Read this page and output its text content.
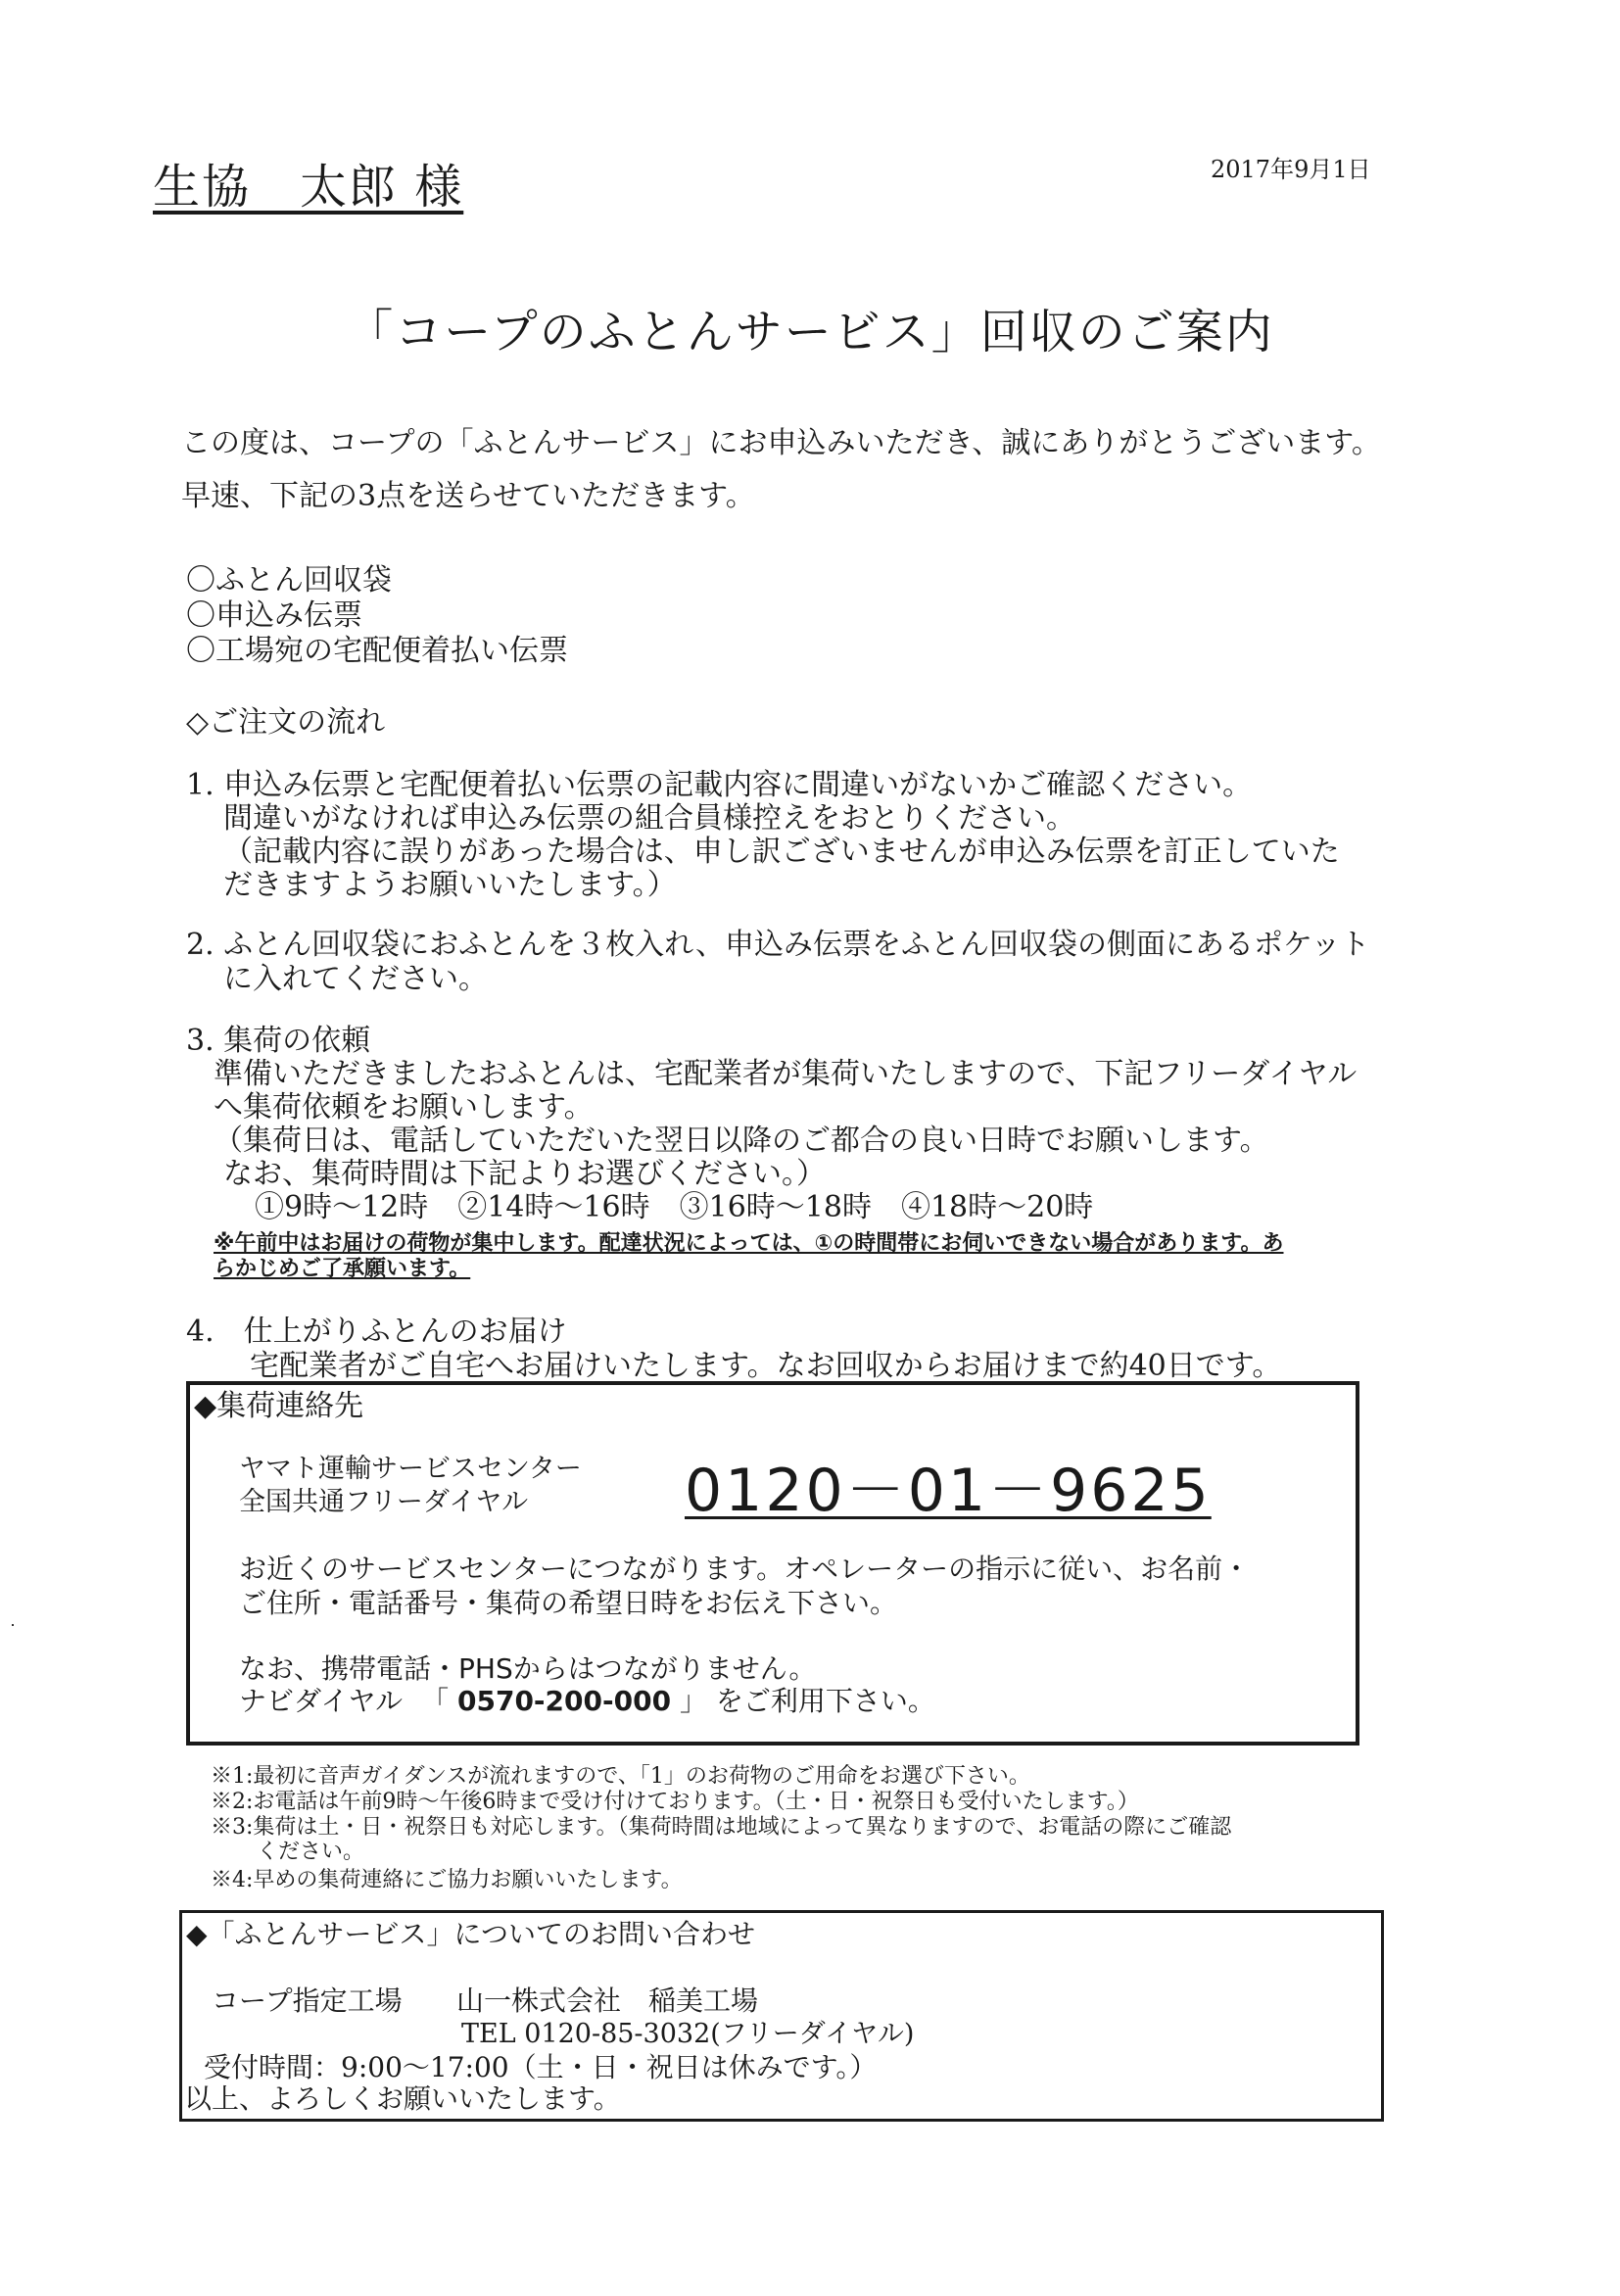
生協　太郎 様	2017年9月1日
「コープのふとんサービス」回収のご案内
この度は、コープの「ふとんサービス」にお申込みいただき、誠にありがとうございます。
早速、下記の3点を送らせていただきます。
〇ふとん回収袋
〇申込み伝票
〇工場宛の宅配便着払い伝票
◇ご注文の流れ
1. 申込み伝票と宅配便着払い伝票の記載内容に間違いがないかご確認ください。
間違いがなければ申込み伝票の組合員様控えをおとりください。
（記載内容に誤りがあった場合は、申し訳ございませんが申込み伝票を訂正していた
だきますようお願いいたします。）
2. ふとん回収袋におふとんを３枚入れ、申込み伝票をふとん回収袋の側面にあるポケット
に入れてください。
3. 集荷の依頼
準備いただきましたおふとんは、宅配業者が集荷いたしますので、下記フリーダイヤル
へ集荷依頼をお願いします。
（集荷日は、電話していただいた翌日以降のご都合の良い日時でお願いします。
なお、集荷時間は下記よりお選びください。）
①9時～12時　②14時～16時　③16時～18時　④18時～20時
※午前中はお届けの荷物が集中します。配達状況によっては、①の時間帯にお伺いできない場合があります。あ
らかじめご了承願います。
4.　仕上がりふとんのお届け
宅配業者がご自宅へお届けいたします。なお回収からお届けまで約40日です。
◆集荷連絡先
ヤマト運輸サービスセンター
全国共通フリーダイヤル	0120－01－9625
お近くのサービスセンターにつながります。オペレーターの指示に従い、お名前・
ご住所・電話番号・集荷の希望日時をお伝え下さい。
なお、携帯電話・PHSからはつながりません。
ナビダイヤル 「 0570-200-000 」 をご利用下さい。
※1:最初に音声ガイダンスが流れますので、「1」のお荷物のご用命をお選び下さい。
※2:お電話は午前9時～午後6時まで受け付けております。（土・日・祝祭日も受付いたします。）
※3:集荷は土・日・祝祭日も対応します。（集荷時間は地域によって異なりますので、お電話の際にご確認
ください。
※4:早めの集荷連絡にご協力お願いいたします。
◆「ふとんサービス」についてのお問い合わせ
コープ指定工場 山一株式会社　稲美工場
TEL 0120-85-3032(フリーダイヤル)
受付時間：9:00～17:00（土・日・祝日は休みです。）
以上、よろしくお願いいたします。
